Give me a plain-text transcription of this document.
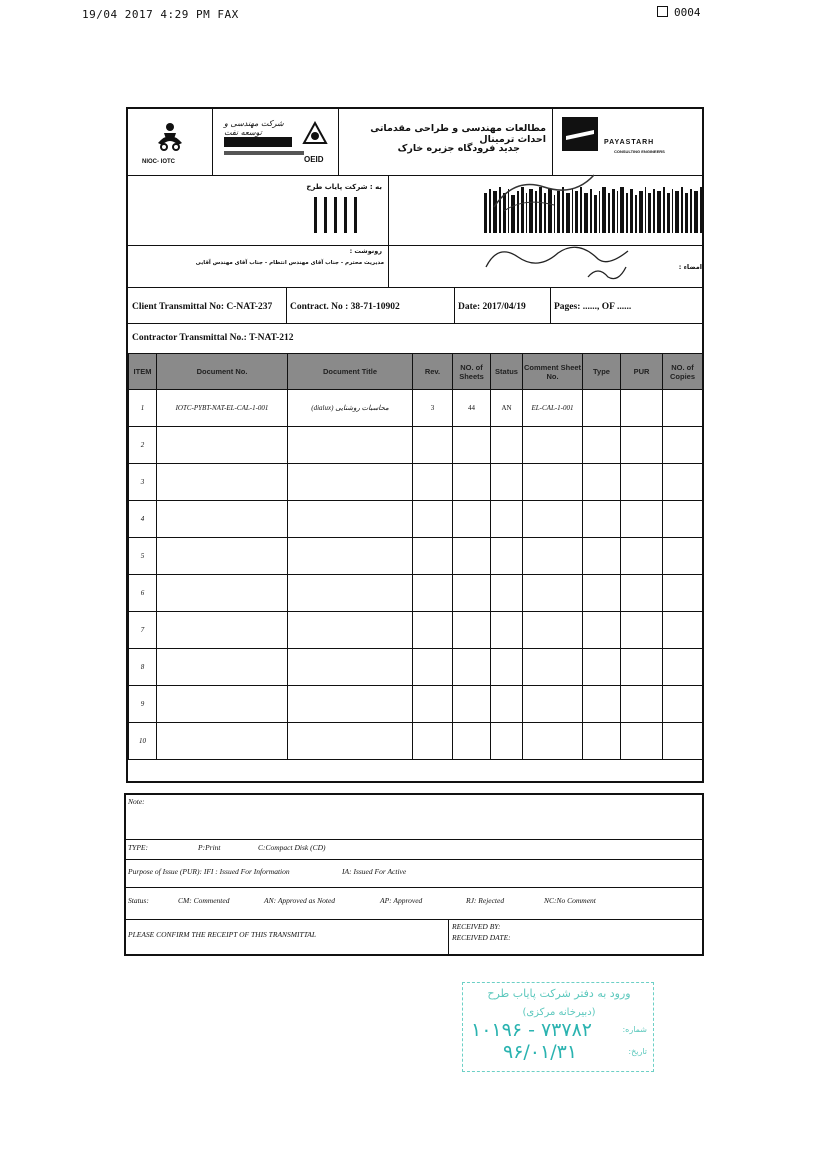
19/04 2017 4:29 PM FAX	0004
NIOC- IOTC
شرکت مهندسی و توسعه نفت
OEID
مطالعات مهندسی و طراحی مقدماتی احداث ترمینال
جدید فرودگاه جزیره خارک
PAYASTARH
CONSULTING ENGINEERS
به : شرکت پایاب طرح
رونوشت :
مدیریت محترم - جناب آقای مهندس انتظام - جناب آقای مهندس آقایی	امضاء :
Client Transmittal No: C-NAT-237 Contract. No : 38-71-10902	Date: 2017/04/19	Pages: ......, OF ......
Contractor Transmittal No.: T-NAT-212
ITEM	Document No.	Document Title	Rev.	NO. of Sheets	Status	Comment Sheet No.	Type	PUR	NO. of Copies
1	IOTC-PYBT-NAT-EL-CAL-1-001	(dialux) محاسبات روشنایی	3	44	AN	EL-CAL-1-001			
2									
3									
4									
5									
6									
7									
8									
9									
10									
Note:
TYPE:	P:Print	C:Compact Disk (CD)
Purpose of Issue (PUR): IFI : Issued For Information	IA: Issued For Active
Status:	CM: Commented	AN: Approved as Noted	AP: Approved	RJ: Rejected	NC:No Comment
PLEASE CONFIRM THE RECEIPT OF THIS TRANSMITTAL
RECEIVED BY:
RECEIVED DATE:
ورود به دفتر شرکت پایاب طرح
(دبیرخانه مرکزی)
شماره:
۱۰۱۹۶ - ۷۳۷۸۲
تاریخ:
۹۶/۰۱/۳۱
